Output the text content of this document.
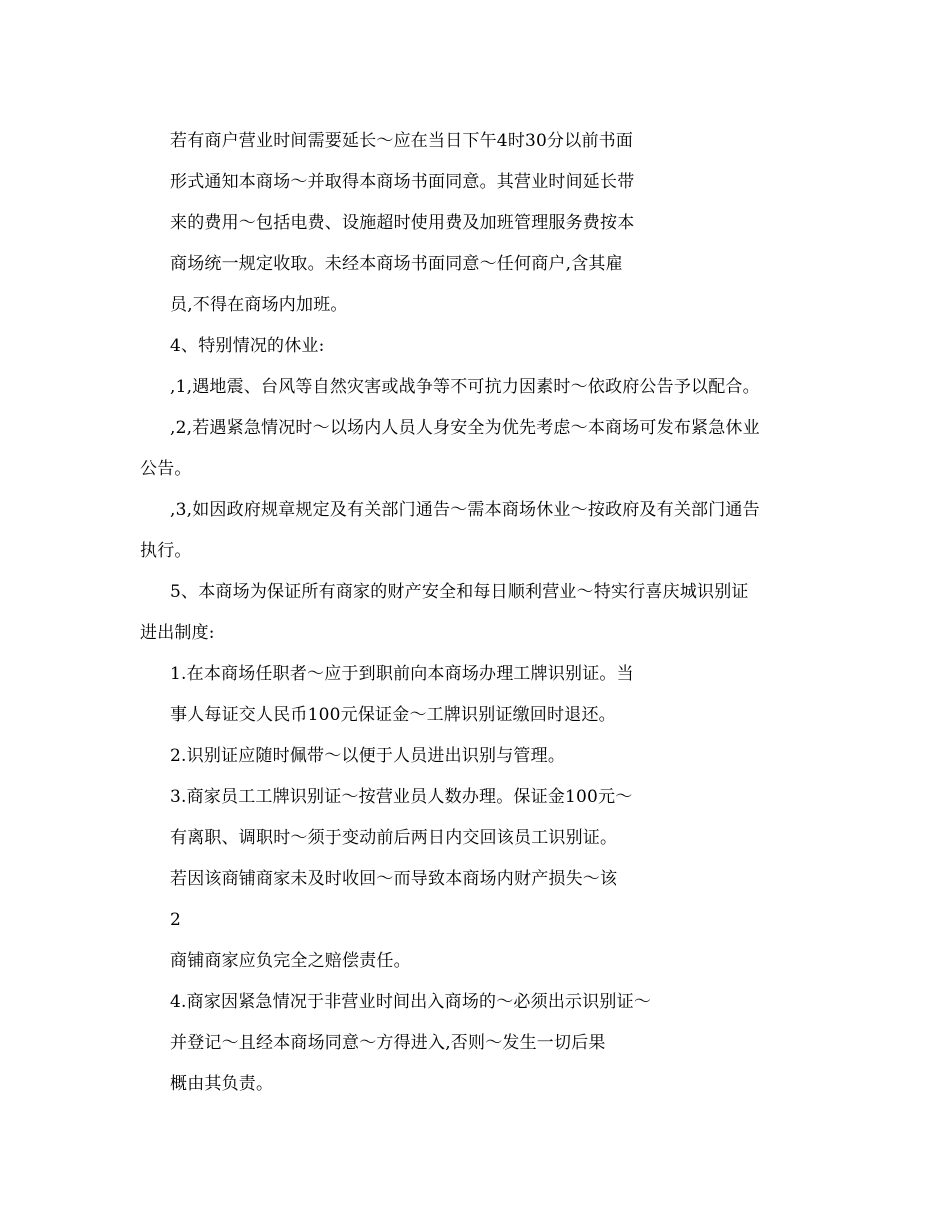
若有商户营业时间需要延长～应在当日下午4时30分以前书面
形式通知本商场～并取得本商场书面同意。其营业时间延长带
来的费用～包括电费、设施超时使用费及加班管理服务费按本
商场统一规定收取。未经本商场书面同意～任何商户,含其雇
员,不得在商场内加班。
4、特别情况的休业:
,1,遇地震、台风等自然灾害或战争等不可抗力因素时～依政府公告予以配合。
,2,若遇紧急情况时～以场内人员人身安全为优先考虑～本商场可发布紧急休业
公告。
,3,如因政府规章规定及有关部门通告～需本商场休业～按政府及有关部门通告
执行。
5、本商场为保证所有商家的财产安全和每日顺利营业～特实行喜庆城识别证
进出制度:
1.在本商场任职者～应于到职前向本商场办理工牌识别证。当
事人每证交人民币100元保证金～工牌识别证缴回时退还。
2.识别证应随时佩带～以便于人员进出识别与管理。
3.商家员工工牌识别证～按营业员人数办理。保证金100元～
有离职、调职时～须于变动前后两日内交回该员工识别证。
若因该商铺商家未及时收回～而导致本商场内财产损失～该
2
商铺商家应负完全之赔偿责任。
4.商家因紧急情况于非营业时间出入商场的～必须出示识别证～
并登记～且经本商场同意～方得进入,否则～发生一切后果
概由其负责。
